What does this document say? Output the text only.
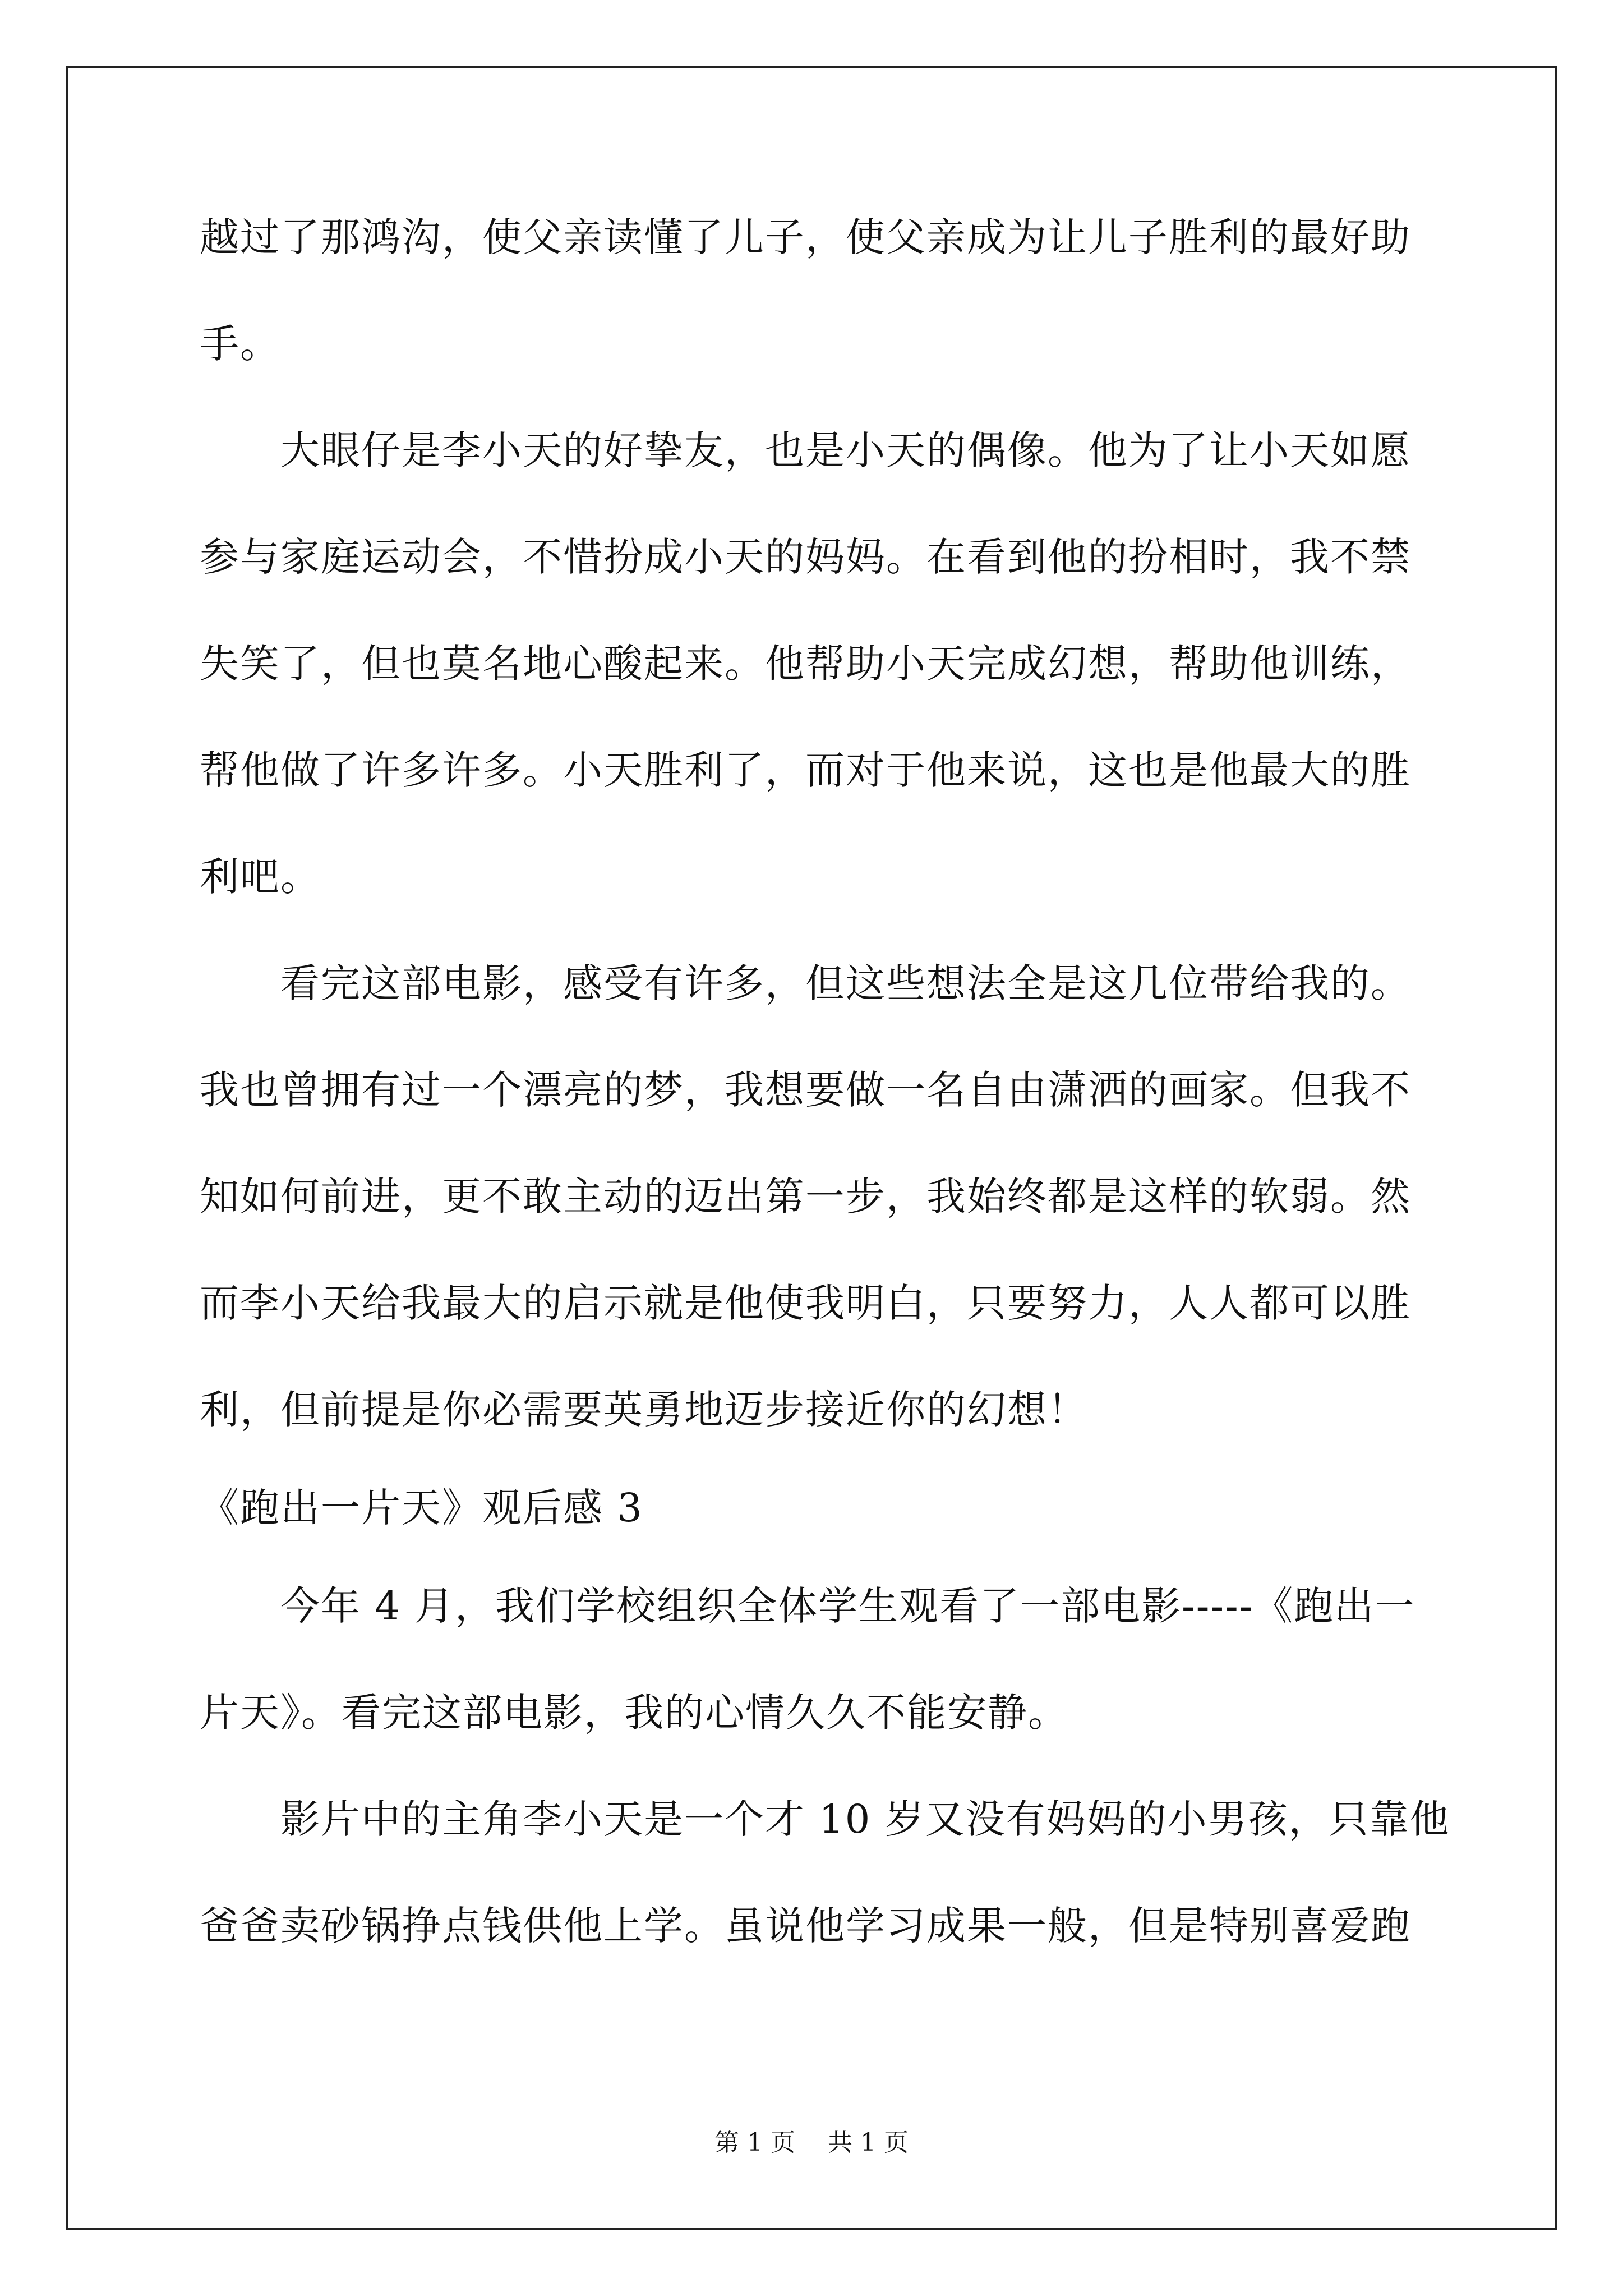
越过了那鸿沟，使父亲读懂了儿子，使父亲成为让儿子胜利的最好助
手。
　　大眼仔是李小天的好挚友，也是小天的偶像。他为了让小天如愿
参与家庭运动会，不惜扮成小天的妈妈。在看到他的扮相时，我不禁
失笑了，但也莫名地心酸起来。他帮助小天完成幻想，帮助他训练，
帮他做了许多许多。小天胜利了，而对于他来说，这也是他最大的胜
利吧。
　　看完这部电影，感受有许多，但这些想法全是这几位带给我的。
我也曾拥有过一个漂亮的梦，我想要做一名自由潇洒的画家。但我不
知如何前进，更不敢主动的迈出第一步，我始终都是这样的软弱。然
而李小天给我最大的启示就是他使我明白，只要努力，人人都可以胜
利，但前提是你必需要英勇地迈步接近你的幻想！
《跑出一片天》观后感 3
　　今年 4 月，我们学校组织全体学生观看了一部电影-----《跑出一
片天》。看完这部电影，我的心情久久不能安静。
　　影片中的主角李小天是一个才 10 岁又没有妈妈的小男孩，只靠他
爸爸卖砂锅挣点钱供他上学。虽说他学习成果一般，但是特别喜爱跑
第 1 页　 共 1 页
